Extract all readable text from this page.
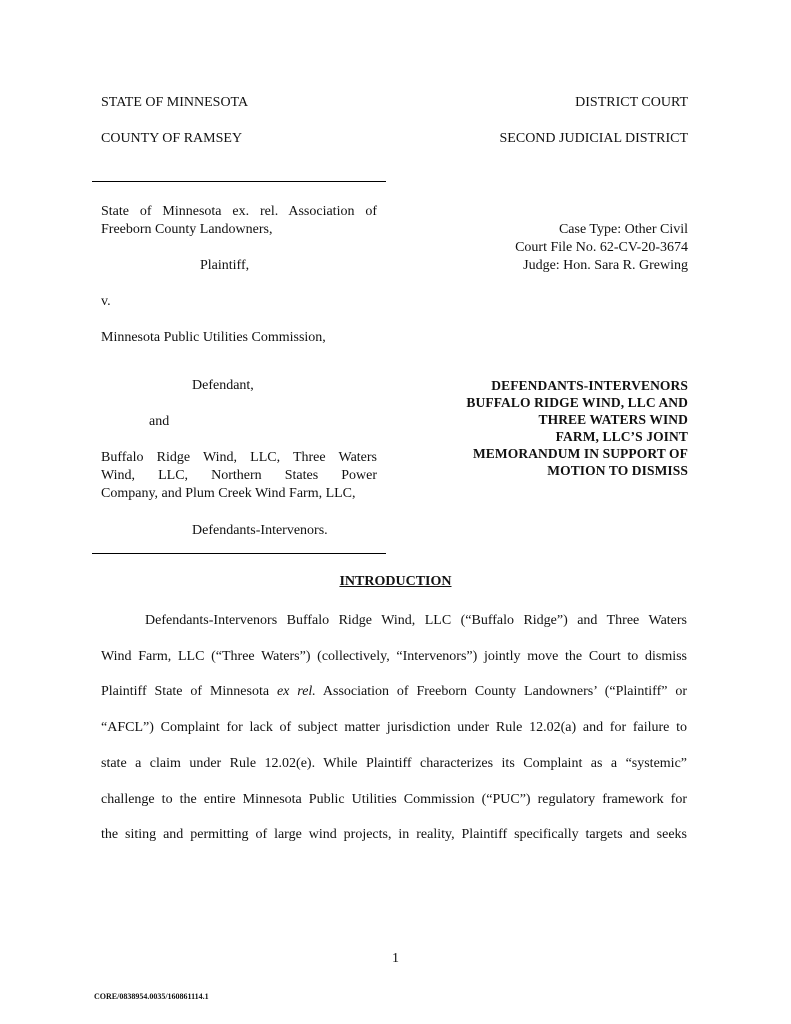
STATE OF MINNESOTA	DISTRICT COURT
COUNTY OF RAMSEY	SECOND JUDICIAL DISTRICT
State of Minnesota ex. rel. Association of
Freeborn County Landowners,
Plaintiff,
v.
Minnesota Public Utilities Commission,
Defendant,
and
Buffalo Ridge Wind, LLC, Three Waters
Wind, LLC, Northern States Power
Company, and Plum Creek Wind Farm, LLC,
Defendants-Intervenors.
Case Type: Other Civil
Court File No. 62-CV-20-3674
Judge: Hon. Sara R. Grewing
DEFENDANTS-INTERVENORS
BUFFALO RIDGE WIND, LLC AND
THREE WATERS WIND
FARM, LLC’S JOINT
MEMORANDUM IN SUPPORT OF
MOTION TO DISMISS
INTRODUCTION
Defendants-Intervenors Buffalo Ridge Wind, LLC (“Buffalo Ridge”) and Three Waters
Wind Farm, LLC (“Three Waters”) (collectively, “Intervenors”) jointly move the Court to dismiss
Plaintiff State of Minnesota ex rel. Association of Freeborn County Landowners’ (“Plaintiff” or
“AFCL”) Complaint for lack of subject matter jurisdiction under Rule 12.02(a) and for failure to
state a claim under Rule 12.02(e). While Plaintiff characterizes its Complaint as a “systemic”
challenge to the entire Minnesota Public Utilities Commission (“PUC”) regulatory framework for
the siting and permitting of large wind projects, in reality, Plaintiff specifically targets and seeks
1
CORE/0838954.0035/160861114.1
